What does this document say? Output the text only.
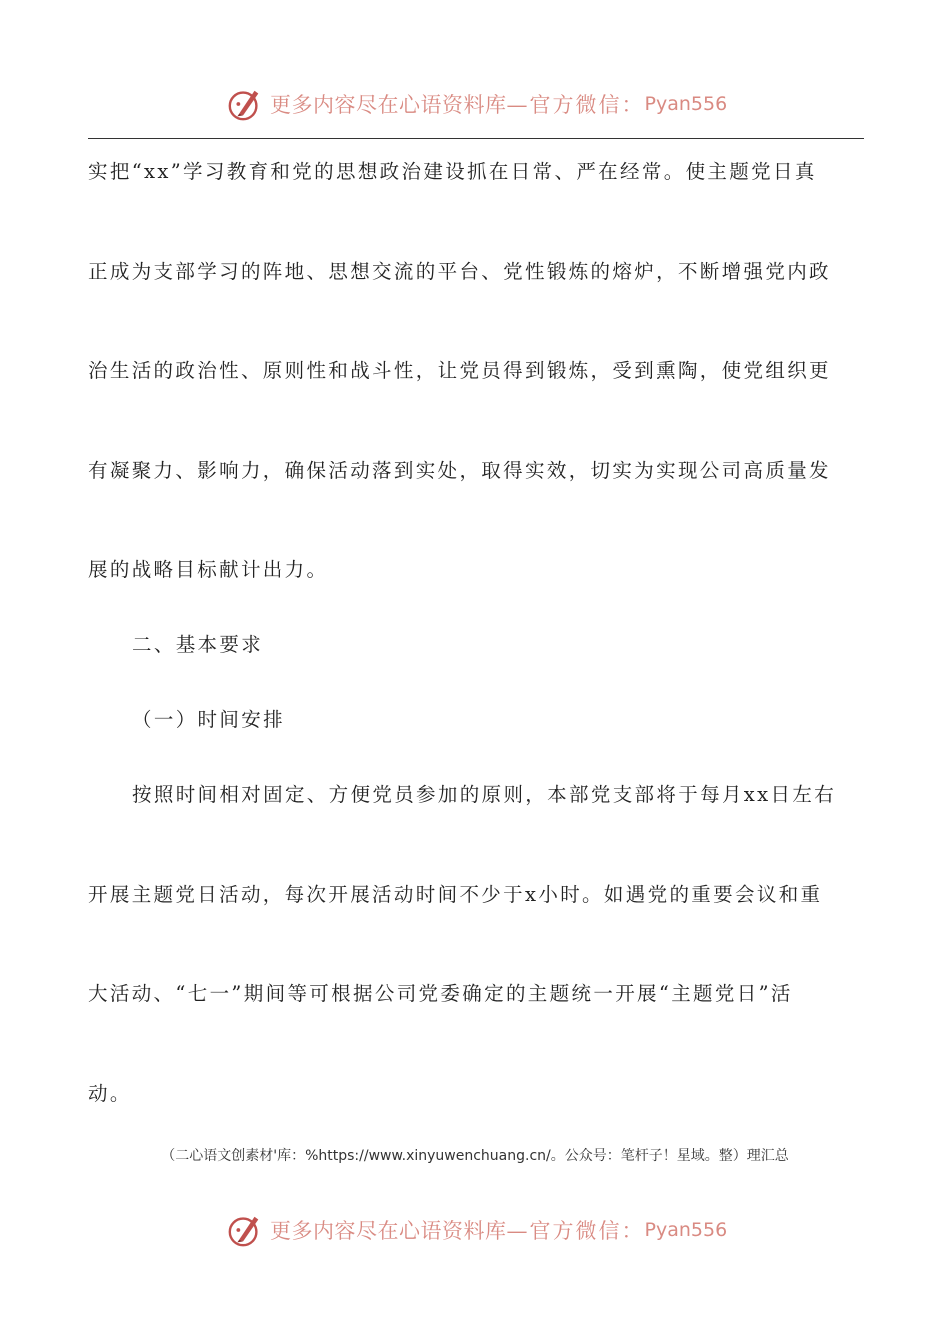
更多内容尽在心语资料库 —官方微信： Pyan556
实把“xx”学习教育和党的思想政治建设抓在日常、严在经常。使主题党日真
正成为支部学习的阵地、思想交流的平台、党性锻炼的熔炉，不断增强党内政
治生活的政治性、原则性和战斗性，让党员得到锻炼，受到熏陶，使党组织更
有凝聚力、影响力，确保活动落到实处，取得实效，切实为实现公司高质量发
展的战略目标献计出力。
二、基本要求
（一）时间安排
按照时间相对固定、方便党员参加的原则，本部党支部将于每月xx日左右
开展主题党日活动，每次开展活动时间不少于x小时。如遇党的重要会议和重
大活动、“七一”期间等可根据公司党委确定的主题统一开展“主题党日”活
动。
（二心语文创素材'库：%https://www.xinyuwenchuang.cn/。公众号：笔杆子！星域。整）理汇总
更多内容尽在心语资料库 —官方微信： Pyan556
